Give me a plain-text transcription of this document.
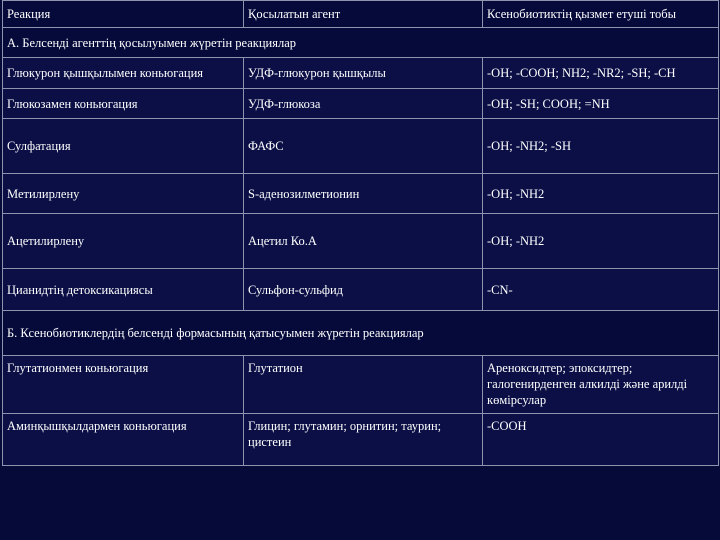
Реакция	Қосылатын агент	Ксенобиотиктің қызмет етуші тобы
А. Белсенді агенттің қосылуымен жүретін реакциялар		
Глюкурон қышқылымен коньюгация	УДФ-глюкурон қышқылы	-OH; -COOH; NH2; -NR2; -SH; -CH
Глюкозамен коньюгация	УДФ-глюкоза	-OH; -SH; COOH; =NH
Сулфатация	ФАФС	-OH; -NH2; -SH
Метилирлену	S-аденозилметионин	-OH; -NH2
Ацетилирлену	Ацетил Ко.А	-OH; -NH2
Цианидтің детоксикациясы	Сульфон-сульфид	-CN-
Б. Ксенобиотиклердің белсенді формасының қатысуымен жүретін реакциялар		
Глутатионмен коньюгация	Глутатион	Ареноксидтер; эпоксидтер; галогенирденген алкилді және арилді көмірсулар
Аминқышқылдармен коньюгация	Глицин; глутамин; орнитин; таурин; цистеин	-COOH
